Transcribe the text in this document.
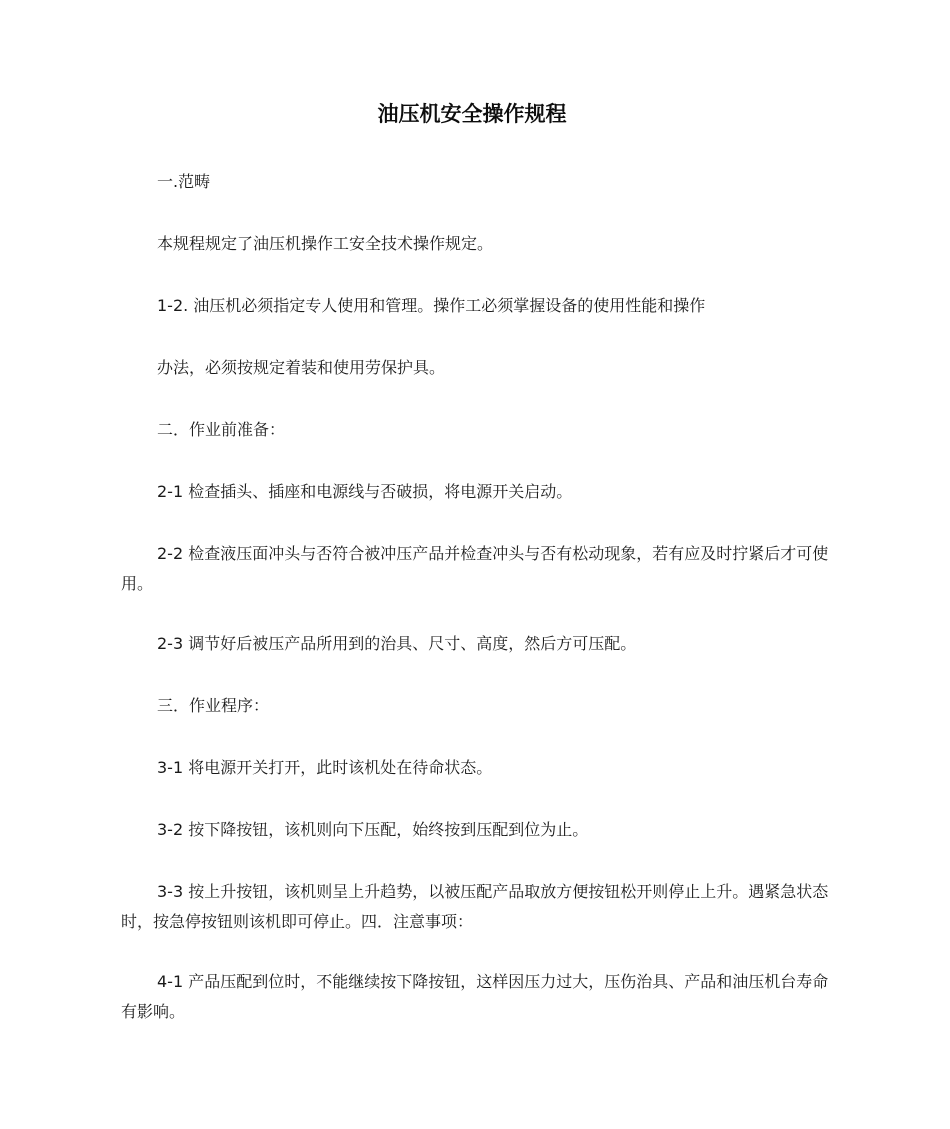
油压机安全操作规程
一.范畴
本规程规定了油压机操作工安全技术操作规定。
1-2. 油压机必须指定专人使用和管理。操作工必须掌握设备的使用性能和操作
办法，必须按规定着装和使用劳保护具。
二．作业前准备：
2-1 检查插头、插座和电源线与否破损，将电源开关启动。
2-2 检查液压面冲头与否符合被冲压产品并检查冲头与否有松动现象，若有应及时拧紧后才可使用。
2-3 调节好后被压产品所用到的治具、尺寸、高度，然后方可压配。
三．作业程序：
3-1 将电源开关打开，此时该机处在待命状态。
3-2 按下降按钮，该机则向下压配，始终按到压配到位为止。
3-3 按上升按钮，该机则呈上升趋势，以被压配产品取放方便按钮松开则停止上升。遇紧急状态时，按急停按钮则该机即可停止。四．注意事项：
4-1 产品压配到位时，不能继续按下降按钮，这样因压力过大，压伤治具、产品和油压机台寿命有影响。
